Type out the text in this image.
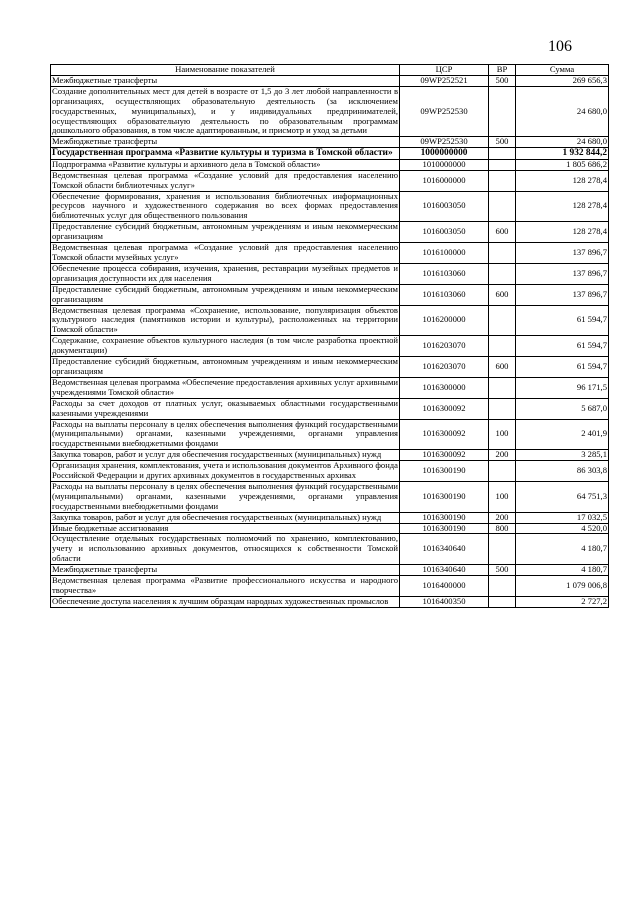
106
Наименование показателей	ЦСР	ВР	Сумма
Межбюджетные трансферты	09WP252521	500	269 656,3
Создание дополнительных мест для детей в возрасте от 1,5 до 3 лет любой направленности в организациях, осуществляющих образовательную деятельность (за исключением государственных, муниципальных), и у индивидуальных предпринимателей, осуществляющих образовательную деятельность по образовательным программам дошкольного образования, в том числе адаптированным, и присмотр и уход за детьми	09WP252530		24 680,0
Межбюджетные трансферты	09WP252530	500	24 680,0
Государственная программа «Развитие культуры и туризма в Томской области»	1000000000		1 932 844,2
Подпрограмма «Развитие культуры и архивного дела в Томской области»	1010000000		1 805 686,2
Ведомственная целевая программа «Создание условий для предоставления населению Томской области библиотечных услуг»	1016000000		128 278,4
Обеспечение формирования, хранения и использования библиотечных информационных ресурсов научного и художественного содержания во всех формах предоставления библиотечных услуг для общественного пользования	1016003050		128 278,4
Предоставление субсидий бюджетным, автономным учреждениям и иным некоммерческим организациям	1016003050	600	128 278,4
Ведомственная целевая программа «Создание условий для предоставления населению Томской области музейных услуг»	1016100000		137 896,7
Обеспечение процесса собирания, изучения, хранения, реставрации музейных предметов и организация доступности их для населения	1016103060		137 896,7
Предоставление субсидий бюджетным, автономным учреждениям и иным некоммерческим организациям	1016103060	600	137 896,7
Ведомственная целевая программа «Сохранение, использование, популяризация объектов культурного наследия (памятников истории и культуры), расположенных на территории Томской области»	1016200000		61 594,7
Содержание, сохранение объектов культурного наследия (в том числе разработка проектной документации)	1016203070		61 594,7
Предоставление субсидий бюджетным, автономным учреждениям и иным некоммерческим организациям	1016203070	600	61 594,7
Ведомственная целевая программа «Обеспечение предоставления архивных услуг архивными учреждениями Томской области»	1016300000		96 171,5
Расходы за счет доходов от платных услуг, оказываемых областными государственными казенными учреждениями	1016300092		5 687,0
Расходы на выплаты персоналу в целях обеспечения выполнения функций государственными (муниципальными) органами, казенными учреждениями, органами управления государственными внебюджетными фондами	1016300092	100	2 401,9
Закупка товаров, работ и услуг для обеспечения государственных (муниципальных) нужд	1016300092	200	3 285,1
Организация хранения, комплектования, учета и использования документов Архивного фонда Российской Федерации и других архивных документов в государственных архивах	1016300190		86 303,8
Расходы на выплаты персоналу в целях обеспечения выполнения функций государственными (муниципальными) органами, казенными учреждениями, органами управления государственными внебюджетными фондами	1016300190	100	64 751,3
Закупка товаров, работ и услуг для обеспечения государственных (муниципальных) нужд	1016300190	200	17 032,5
Иные бюджетные ассигнования	1016300190	800	4 520,0
Осуществление отдельных государственных полномочий по хранению, комплектованию, учету и использованию архивных документов, относящихся к собственности Томской области	1016340640		4 180,7
Межбюджетные трансферты	1016340640	500	4 180,7
Ведомственная целевая программа «Развитие профессионального искусства и народного творчества»	1016400000		1 079 006,8
Обеспечение доступа населения к лучшим образцам народных художественных промыслов	1016400350		2 727,2
